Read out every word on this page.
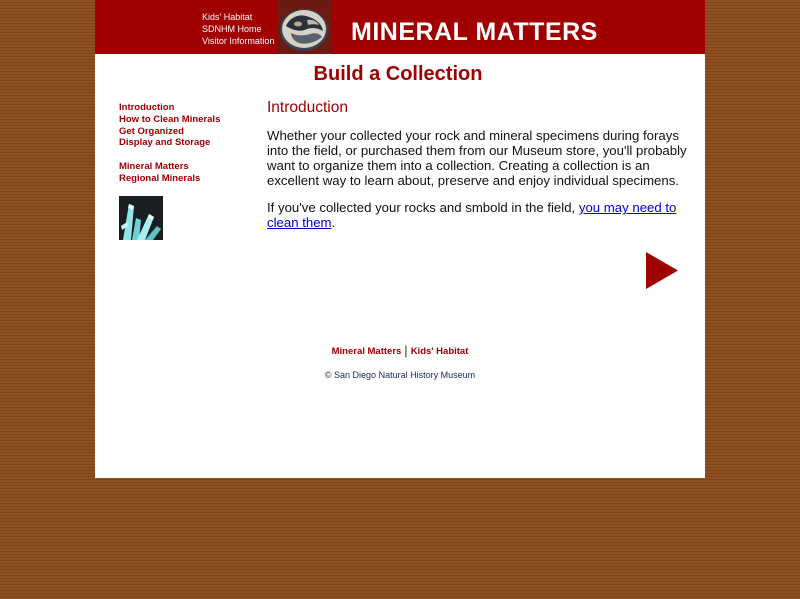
Kids' Habitat
SDNHM Home
Visitor Information	MINERAL MATTERS
Build a Collection
Introduction
How to Clean Minerals
Get Organized
Display and Storage
Mineral Matters
Regional Minerals
Introduction

Whether your collected your rock and mineral specimens during forays into the field, or purchased them from our Museum store, you'll probably want to organize them into a collection. Creating a collection is an excellent way to learn about, preserve and enjoy individual specimens.

If you've collected your rocks and smbold in the field, you may need to clean them.

Mineral Matters | Kids' Habitat
© San Diego Natural History Museum
